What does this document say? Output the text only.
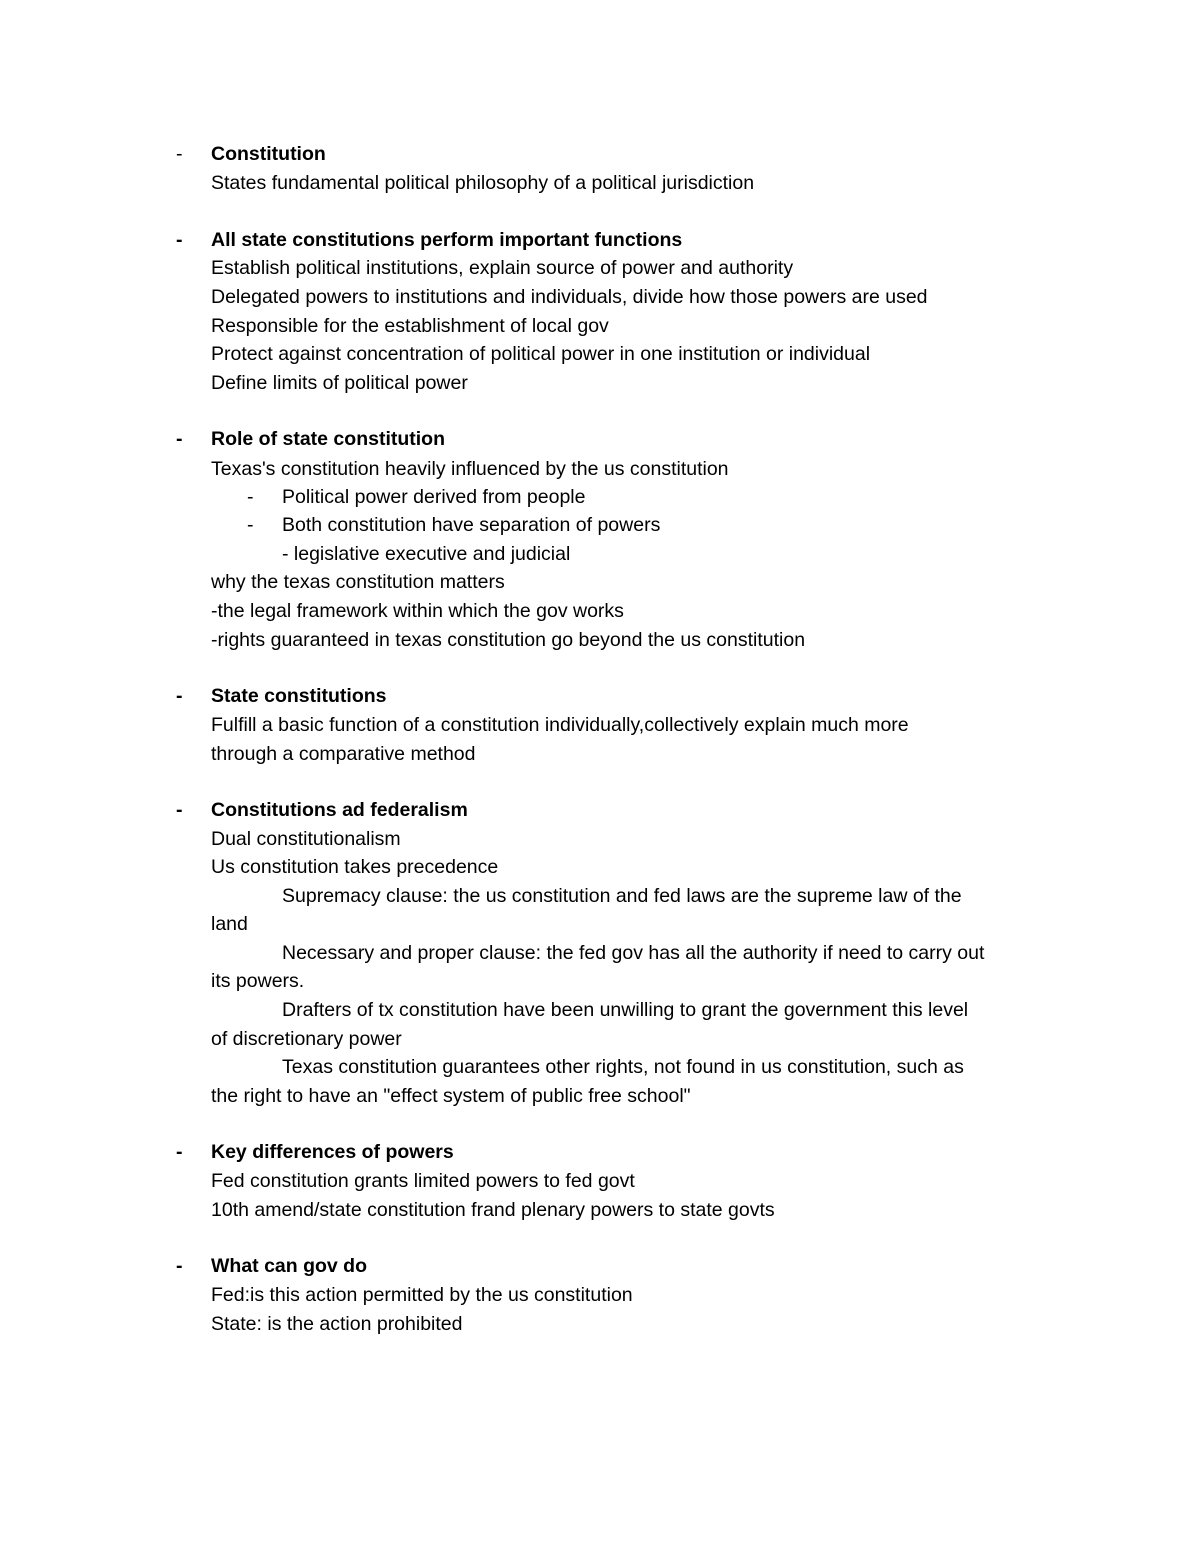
- Constitution
States fundamental political philosophy of a political jurisdiction
- All state constitutions perform important functions
Establish political institutions, explain source of power and authority
Delegated powers to institutions and individuals, divide how those powers are used
Responsible for the establishment of local gov
Protect against concentration of political power in one institution or individual
Define limits of political power
- Role of state constitution
Texas's constitution heavily influenced by the us constitution
- Political power derived from people
- Both constitution have separation of powers
- legislative executive and judicial
why the texas constitution matters
-the legal framework within which the gov works
-rights guaranteed in texas constitution go beyond the us constitution
- State constitutions
Fulfill a basic function of a constitution individually,collectively explain much more
through a comparative method
- Constitutions ad federalism
Dual constitutionalism
Us constitution takes precedence
Supremacy clause: the us constitution and fed laws are the supreme law of the
land
Necessary and proper clause: the fed gov has all the authority if need to carry out
its powers.
Drafters of tx constitution have been unwilling to grant the government this level
of discretionary power
Texas constitution guarantees other rights, not found in us constitution, such as
the right to have an "effect system of public free school"
- Key differences of powers
Fed constitution grants limited powers to fed govt
10th amend/state constitution frand plenary powers to state govts
- What can gov do
Fed:is this action permitted by the us constitution
State: is the action prohibited
